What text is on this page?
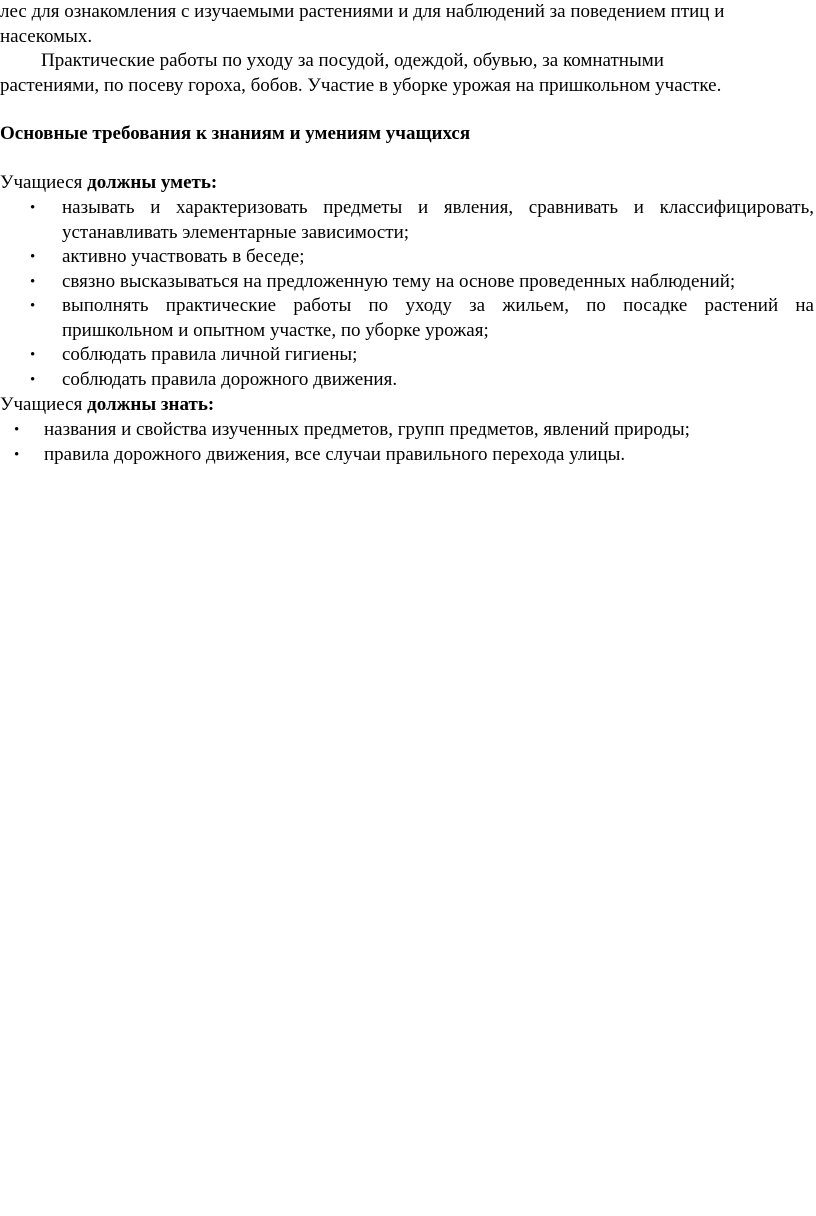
лес для ознакомления с изучаемыми растениями и для наблюдений за поведением птиц и
насекомых.
Практические работы по уходу за посудой, одеждой, обувью, за комнатными
растениями, по посеву гороха, бобов. Участие в уборке урожая на пришкольном участке.
Основные требования к знаниям и умениям учащихся
Учащиеся должны уметь:
• называть и характеризовать предметы и явления, сравнивать и классифицировать,
устанавливать элементарные зависимости;
• активно участвовать в беседе;
• связно высказываться на предложенную тему на основе проведенных наблюдений;
• выполнять практические работы по уходу за жильем, по посадке растений на
пришкольном и опытном участке, по уборке урожая;
• соблюдать правила личной гигиены;
• соблюдать правила дорожного движения.
Учащиеся должны знать:
• названия и свойства изученных предметов, групп предметов, явлений природы;
• правила дорожного движения, все случаи правильного перехода улицы.
